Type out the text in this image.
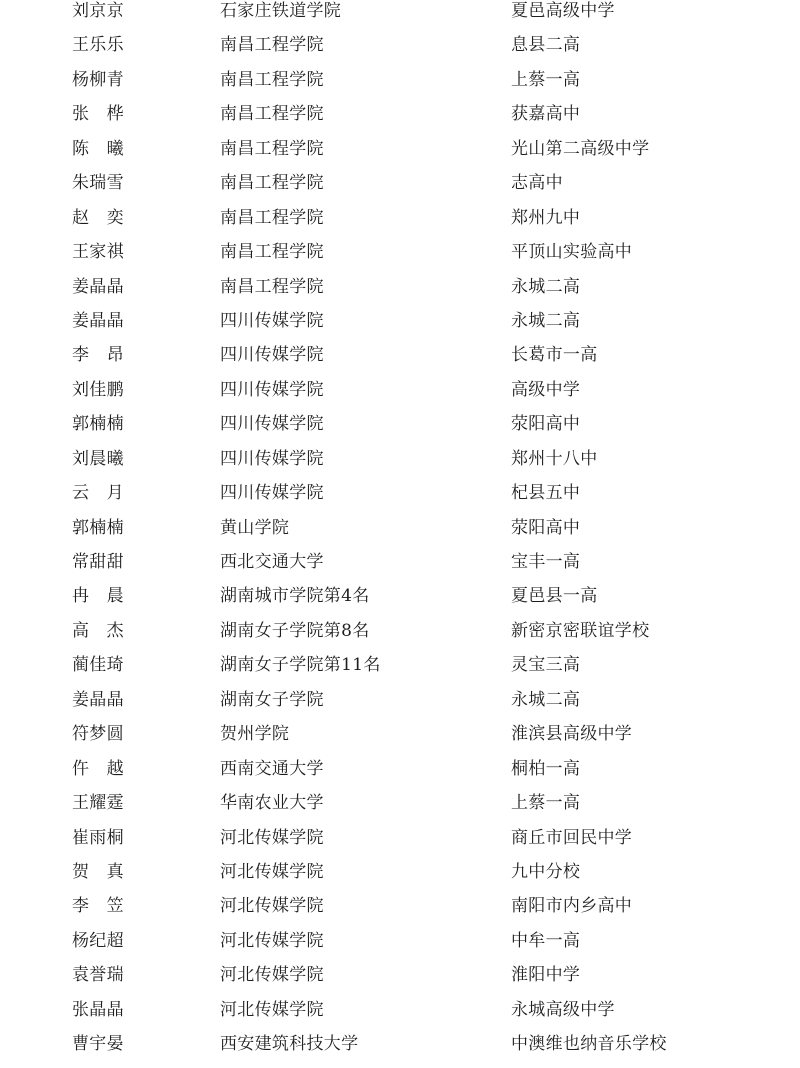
刘京京	石家庄铁道学院	夏邑高级中学
王乐乐	南昌工程学院	息县二高
杨柳青	南昌工程学院	上蔡一高
张　桦	南昌工程学院	获嘉高中
陈　曦	南昌工程学院	光山第二高级中学
朱瑞雪	南昌工程学院	志高中
赵　奕	南昌工程学院	郑州九中
王家祺	南昌工程学院	平顶山实验高中
姜晶晶	南昌工程学院	永城二高
姜晶晶	四川传媒学院	永城二高
李　昂	四川传媒学院	长葛市一高
刘佳鹏	四川传媒学院	高级中学
郭楠楠	四川传媒学院	荥阳高中
刘晨曦	四川传媒学院	郑州十八中
云　月	四川传媒学院	杞县五中
郭楠楠	黄山学院	荥阳高中
常甜甜	西北交通大学	宝丰一高
冉　晨	湖南城市学院第4名	夏邑县一高
高　杰	湖南女子学院第8名	新密京密联谊学校
蔺佳琦	湖南女子学院第11名	灵宝三高
姜晶晶	湖南女子学院	永城二高
符梦圆	贺州学院	淮滨县高级中学
仵　越	西南交通大学	桐柏一高
王耀霆	华南农业大学	上蔡一高
崔雨桐	河北传媒学院	商丘市回民中学
贺　真	河北传媒学院	九中分校
李　笠	河北传媒学院	南阳市内乡高中
杨纪超	河北传媒学院	中牟一高
袁誉瑞	河北传媒学院	淮阳中学
张晶晶	河北传媒学院	永城高级中学
曹宇晏	西安建筑科技大学	中澳维也纳音乐学校
